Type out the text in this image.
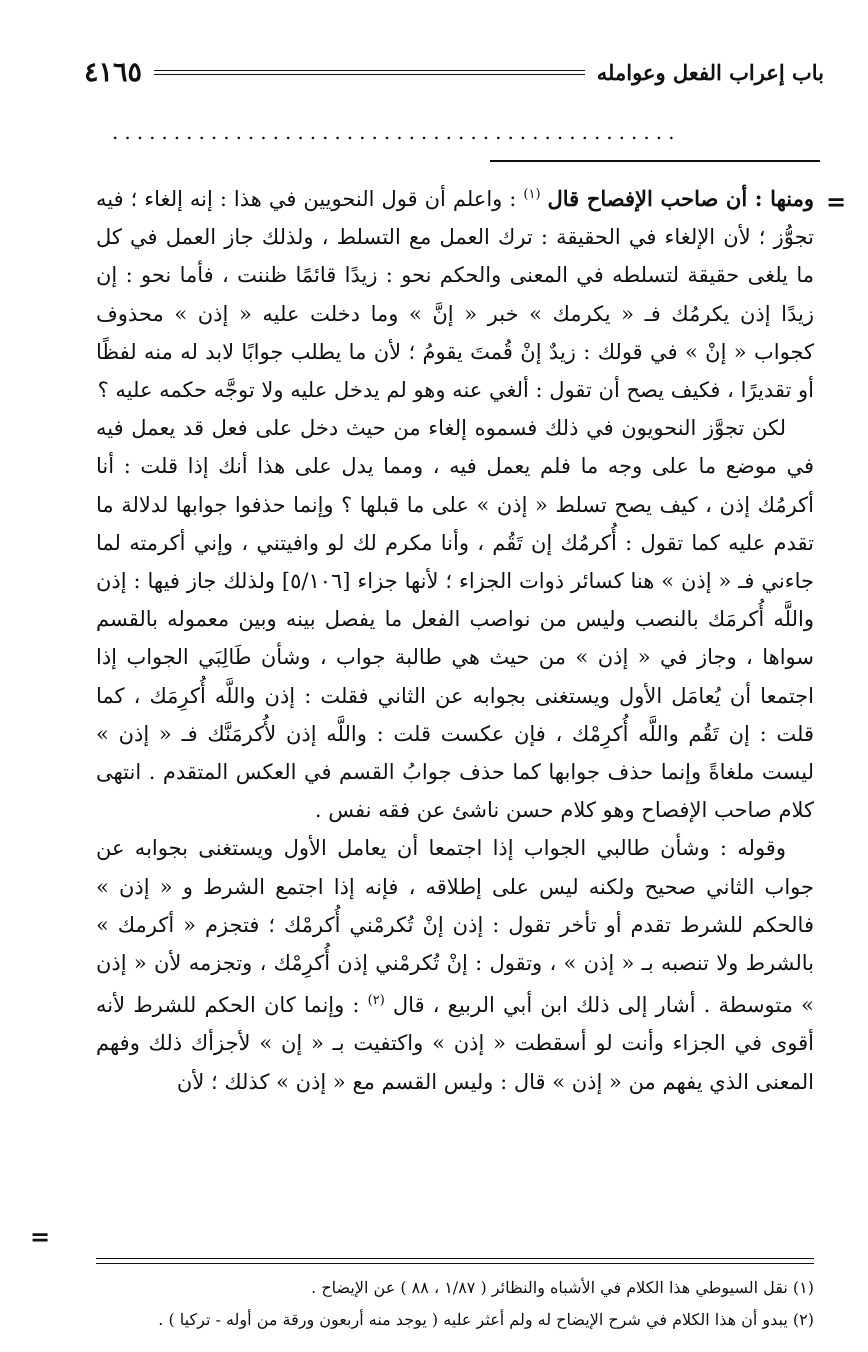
باب إعراب الفعل وعوامله
٤١٦٥
..............................................
=

ومنها : أن صاحب الإفصاح قال $^{(١)}$ : واعلم أن قول النحويين في هذا : إنه إلغاء ؛ فيه تجوُّز ؛ لأن الإلغاء في الحقيقة : ترك العمل مع التسلط ، ولذلك جاز العمل في كل ما يلغى حقيقة لتسلطه في المعنى والحكم نحو : زيدًا قائمًا ظننت ، فأما نحو : إن زيدًا إذن يكرمُك فـ « يكرمك » خبر « إنَّ » وما دخلت عليه « إذن » محذوف كجواب « إنْ » في قولك : زيدٌ إنْ قُمتَ يقومُ ؛ لأن ما يطلب جوابًا لابد له منه لفظًا أو تقديرًا ، فكيف يصح أن تقول : ألغي عنه وهو لم يدخل عليه ولا توجَّه حكمه عليه ؟

لكن تجوَّز النحويون في ذلك فسموه إلغاء من حيث دخل على فعل قد يعمل فيه في موضع ما على وجه ما فلم يعمل فيه ، ومما يدل على هذا أنك إذا قلت : أنا أكرمُك إذن ، كيف يصح تسلط « إذن » على ما قبلها ؟ وإنما حذفوا جوابها لدلالة ما تقدم عليه كما تقول : أُكرمُك إن تَقُم ، وأنا مكرم لك لو وافيتني ، وإني أكرمته لما جاءني فـ « إذن » هنا كسائر ذوات الجزاء ؛ لأنها جزاء [٥/١٠٦] ولذلك جاز فيها : إذن واللَّه أُكرمَك بالنصب وليس من نواصب الفعل ما يفصل بينه وبين معموله بالقسم سواها ، وجاز في « إذن » من حيث هي طالبة جواب ، وشأن طَالِبَي الجواب إذا اجتمعا أن يُعامَل الأول ويستغنى بجوابه عن الثاني فقلت : إذن واللَّه أُكرِمَك ، كما قلت : إن تَقُم واللَّه أُكرِمْك ، فإن عكست قلت : واللَّه إذن لأُكرمَنَّك فـ « إذن » ليست ملغاةً وإنما حذف جوابها كما حذف جوابُ القسم في العكس المتقدم . انتهى كلام صاحب الإفصاح وهو كلام حسن ناشئ عن فقه نفس .

وقوله : وشأن طالبي الجواب إذا اجتمعا أن يعامل الأول ويستغنى بجوابه عن جواب الثاني صحيح ولكنه ليس على إطلاقه ، فإنه إذا اجتمع الشرط و « إذن » فالحكم للشرط تقدم أو تأخر تقول : إذن إنْ تُكرمْني أُكرمْك ؛ فتجزم « أكرمك » بالشرط ولا تنصبه بـ « إذن » ، وتقول : إنْ تُكرمْني إذن أُكرِمْك ، وتجزمه لأن « إذن » متوسطة . أشار إلى ذلك ابن أبي الربيع ، قال $^{(٢)}$ : وإنما كان الحكم للشرط لأنه أقوى في الجزاء وأنت لو أسقطت « إذن » واكتفيت بـ « إن » لأجزأك ذلك وفهم المعنى الذي يفهم من « إذن » قال : وليس القسم مع « إذن » كذلك ؛ لأن

=

(١) نقل السيوطي هذا الكلام في الأشباه والنظائر ( ١/٨٧ ، ٨٨ ) عن الإيضاح .

(٢) يبدو أن هذا الكلام في شرح الإيضاح له ولم أعثر عليه ( يوجد منه أربعون ورقة من أوله - تركيا ) .
